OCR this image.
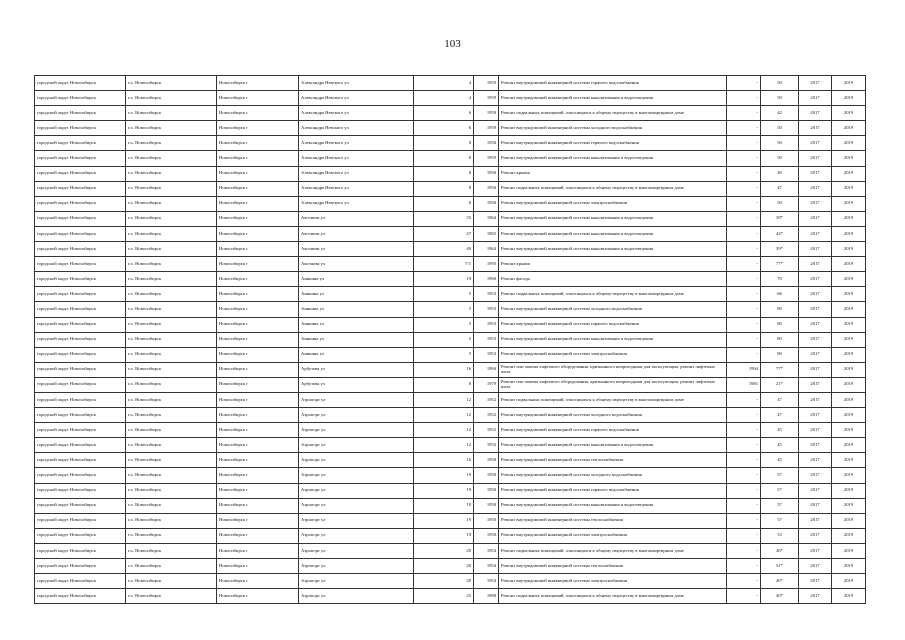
103
городской округ Новосибирск	г.о. Новосибирск	Новосибирск г	Александра Невского ул	4	1959	Ремонт внутридомовой инженерной системы горячего водоснабжения	-	50	2017	2019
городской округ Новосибирск	г.о. Новосибирск	Новосибирск г	Александра Невского ул	4	1959	Ремонт внутридомовой инженерной системы канализования и водоотведения	-	50	2017	2019
городской округ Новосибирск	г.о. Новосибирск	Новосибирск г	Александра Невского ул	6	1959	Ремонт подвальных помещений, относящихся к общему имуществу в многоквартирном доме	-	42	2017	2019
городской округ Новосибирск	г.о. Новосибирск	Новосибирск г	Александра Невского ул	6	1959	Ремонт внутридомовой инженерной системы холодного водоснабжения	-	50	2017	2019
городской округ Новосибирск	г.о. Новосибирск	Новосибирск г	Александра Невского ул	8	1956	Ремонт внутридомовой инженерной системы горячего водоснабжения	-	50	2017	2019
городской округ Новосибирск	г.о. Новосибирск	Новосибирск г	Александра Невского ул	6	1959	Ремонт внутридомовой инженерной системы канализования и водоотведения	-	50	2017	2019
городской округ Новосибирск	г.о. Новосибирск	Новосибирск г	Александра Невского ул	8	1956	Ремонт крыши	-	46	2017	2019
городской округ Новосибирск	г.о. Новосибирск	Новосибирск г	Александра Невского ул	8	1956	Ремонт подвальных помещений, относящихся к общему имуществу в многоквартирном доме	-	47	2017	2019
городской округ Новосибирск	г.о. Новосибирск	Новосибирск г	Александра Невского ул	8	1956	Ремонт внутридомовой инженерной системы электроснабжения	-	50	2017	2019
городской округ Новосибирск	г.о. Новосибирск	Новосибирск г	Аксенова ул	35	1964	Ремонт внутридомовой инженерной системы канализования и водоотведения	-	38*	2017	2019
городской округ Новосибирск	г.о. Новосибирск	Новосибирск г	Аксенова ул	47	1965	Ремонт внутридомовой инженерной системы канализования и водоотведения	-	42*	2017	2019
городской округ Новосибирск	г.о. Новосибирск	Новосибирск г	Аксенова ул	49	1964	Ремонт внутридомовой инженерной системы канализования и водоотведения	-	39*	2017	2019
городской округ Новосибирск	г.о. Новосибирск	Новосибирск г	Аксенова ул	7/1	1995	Ремонт крыши	-	77*	2017	2019
городской округ Новосибирск	г.о. Новосибирск	Новосибирск г	Аникина ул	19	1960	Ремонт фасада	-	70	2017	2019
городской округ Новосибирск	г.о. Новосибирск	Новосибирск г	Аникина ул	5	1953	Ремонт подвальных помещений, относящихся к общему имуществу в многоквартирном доме	-	66	2017	2019
городской округ Новосибирск	г.о. Новосибирск	Новосибирск г	Аникина ул	5	1953	Ремонт внутридомовой инженерной системы холодного водоснабжения	-	80	2017	2019
городской округ Новосибирск	г.о. Новосибирск	Новосибирск г	Аникина ул	5	1953	Ремонт внутридомовой инженерной системы горячего водоснабжения	-	80	2017	2019
городской округ Новосибирск	г.о. Новосибирск	Новосибирск г	Аникина ул	5	1953	Ремонт внутридомовой инженерной системы канализования и водоотведения	-	80	2017	2019
городской округ Новосибирск	г.о. Новосибирск	Новосибирск г	Аникина ул	5	1953	Ремонт внутридомовой инженерной системы электроснабжения	-	80	2017	2019
городской округ Новосибирск	г.о. Новосибирск	Новосибирск г	Арбузова ул	16	1994	Ремонт или замена лифтового оборудования, признанного непригодным для эксплуатации, ремонт лифтовых шахт	1994	77*	2017	2019
городской округ Новосибирск	г.о. Новосибирск	Новосибирск г	Арбузова ул	8	1979	Ремонт или замена лифтового оборудования, признанного непригодным для эксплуатации, ремонт лифтовых шахт	1981	21*	2017	2019
городской округ Новосибирск	г.о. Новосибирск	Новосибирск г	Аэропорт ул	12	1952	Ремонт подвальных помещений, относящихся к общему имуществу в многоквартирном доме	-	47	2017	2019
городской округ Новосибирск	г.о. Новосибирск	Новосибирск г	Аэропорт ул	12	1952	Ремонт внутридомовой инженерной системы холодного водоснабжения	-	47	2017	2019
городской округ Новосибирск	г.о. Новосибирск	Новосибирск г	Аэропорт ул	12	1952	Ремонт внутридомовой инженерной системы горячего водоснабжения	-	45	2017	2019
городской округ Новосибирск	г.о. Новосибирск	Новосибирск г	Аэропорт ул	12	1952	Ремонт внутридомовой инженерной системы канализования и водоотведения	-	45	2017	2019
городской округ Новосибирск	г.о. Новосибирск	Новосибирск г	Аэропорт ул	16	1950	Ремонт внутридомовой инженерной системы теплоснабжения	-	45	2017	2019
городской округ Новосибирск	г.о. Новосибирск	Новосибирск г	Аэропорт ул	19	1950	Ремонт внутридомовой инженерной системы холодного водоснабжения	-	57	2017	2019
городской округ Новосибирск	г.о. Новосибирск	Новосибирск г	Аэропорт ул	19	1950	Ремонт внутридомовой инженерной системы горячего водоснабжения	-	57	2017	2019
городской округ Новосибирск	г.о. Новосибирск	Новосибирск г	Аэропорт ул	19	1950	Ремонт внутридомовой инженерной системы канализования и водоотведения	-	57	2017	2019
городской округ Новосибирск	г.о. Новосибирск	Новосибирск г	Аэропорт ул	19	1950	Ремонт внутридомовой инженерной системы теплоснабжения	-	57	2017	2019
городской округ Новосибирск	г.о. Новосибирск	Новосибирск г	Аэропорт ул	19	1950	Ремонт внутридомовой инженерной системы электроснабжения	-	53	2017	2019
городской округ Новосибирск	г.о. Новосибирск	Новосибирск г	Аэропорт ул	20	1954	Ремонт подвальных помещений, относящихся к общему имуществу в многоквартирном доме	-	46*	2017	2019
городской округ Новосибирск	г.о. Новосибирск	Новосибирск г	Аэропорт ул	20	1954	Ремонт внутридомовой инженерной системы теплоснабжения	-	51*	2017	2019
городской округ Новосибирск	г.о. Новосибирск	Новосибирск г	Аэропорт ул	20	1954	Ремонт внутридомовой инженерной системы электроснабжения	-	46*	2017	2019
городской округ Новосибирск	г.о. Новосибирск	Новосибирск г	Аэропорт ул	25	1988	Ремонт подвальных помещений, относящихся к общему имуществу в многоквартирном доме	-	40*	2017	2019
